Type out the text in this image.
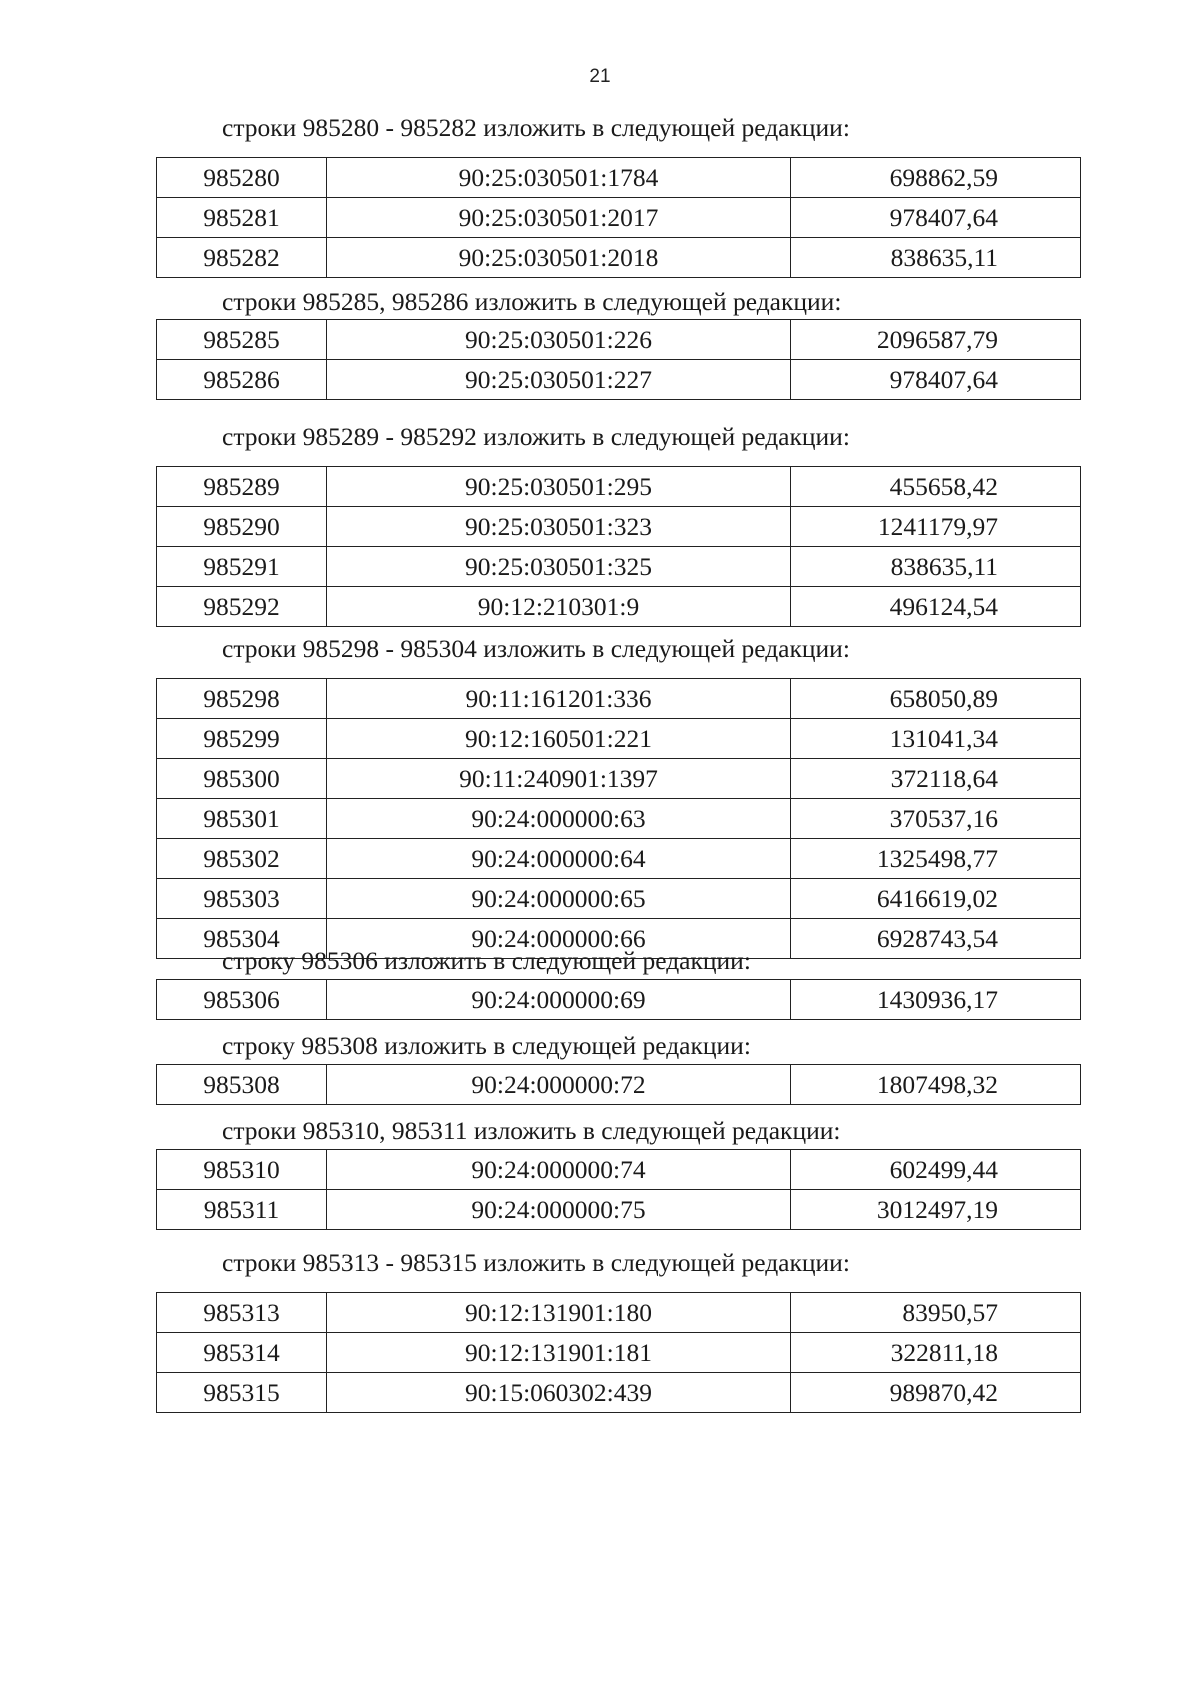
21
строки 985280 - 985282 изложить в следующей редакции:
985280	90:25:030501:1784	698862,59
985281	90:25:030501:2017	978407,64
985282	90:25:030501:2018	838635,11
строки 985285, 985286 изложить в следующей редакции:
985285	90:25:030501:226	2096587,79
985286	90:25:030501:227	978407,64
строки 985289 - 985292 изложить в следующей редакции:
985289	90:25:030501:295	455658,42
985290	90:25:030501:323	1241179,97
985291	90:25:030501:325	838635,11
985292	90:12:210301:9	496124,54
строки 985298 - 985304 изложить в следующей редакции:
985298	90:11:161201:336	658050,89
985299	90:12:160501:221	131041,34
985300	90:11:240901:1397	372118,64
985301	90:24:000000:63	370537,16
985302	90:24:000000:64	1325498,77
985303	90:24:000000:65	6416619,02
985304	90:24:000000:66	6928743,54
строку 985306 изложить в следующей редакции:
985306	90:24:000000:69	1430936,17
строку 985308 изложить в следующей редакции:
985308	90:24:000000:72	1807498,32
строки 985310, 985311 изложить в следующей редакции:
985310	90:24:000000:74	602499,44
985311	90:24:000000:75	3012497,19
строки 985313 - 985315 изложить в следующей редакции:
985313	90:12:131901:180	83950,57
985314	90:12:131901:181	322811,18
985315	90:15:060302:439	989870,42
